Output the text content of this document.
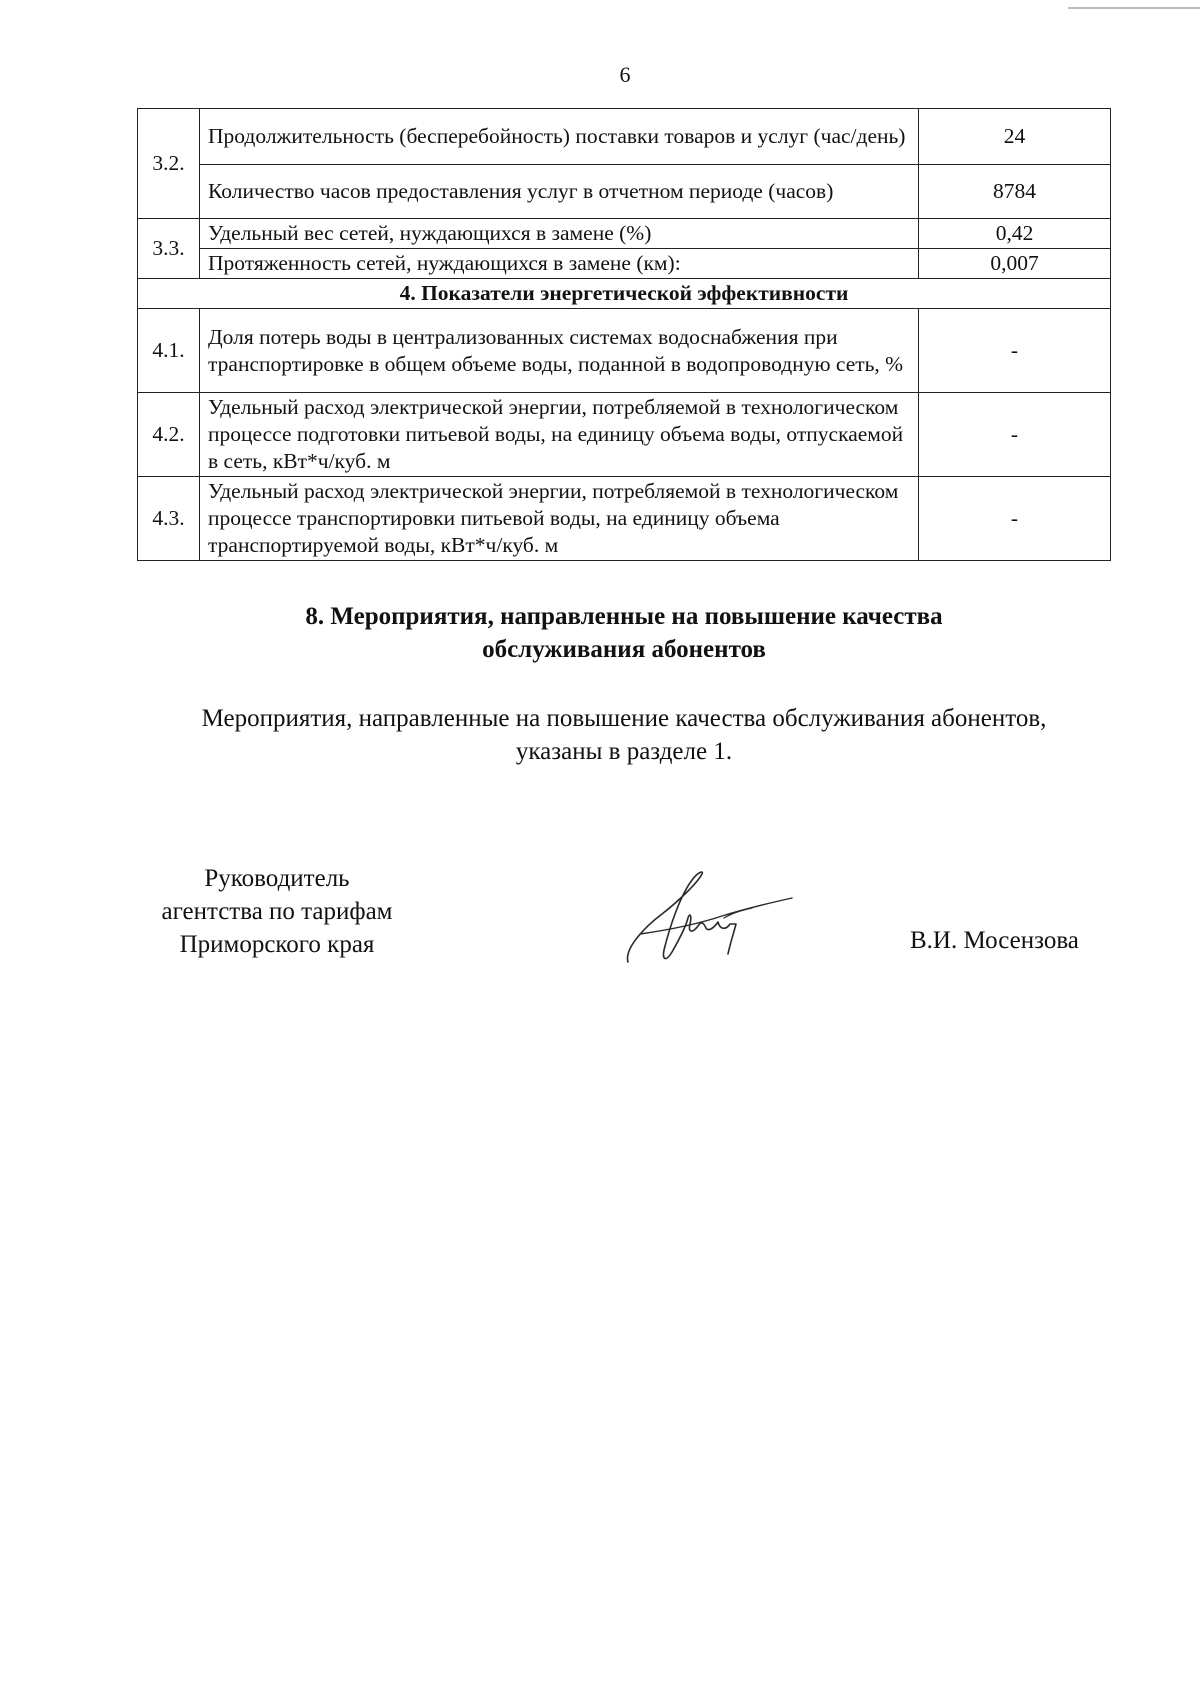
6
3.2.	Продолжительность (бесперебойность) поставки товаров и услуг (час/день)	24
	Количество часов предоставления услуг в отчетном периоде (часов)	8784
3.3.	Удельный вес сетей, нуждающихся в замене (%)	0,42
	Протяженность сетей, нуждающихся в замене (км):	0,007
4. Показатели энергетической эффективности		
4.1.	Доля потерь воды в централизованных системах водоснабжения при транспортировке в общем объеме воды, поданной в водопроводную сеть, %	-
4.2.	Удельный расход электрической энергии, потребляемой в технологическом процессе подготовки питьевой воды, на единицу объема воды, отпускаемой в сеть, кВт*ч/куб. м	-
4.3.	Удельный расход электрической энергии, потребляемой в технологическом процессе транспортировки питьевой воды, на единицу объема транспортируемой воды, кВт*ч/куб. м	-
8. Мероприятия, направленные на повышение качества
обслуживания абонентов
Мероприятия, направленные на повышение качества обслуживания абонентов,
указаны в разделе 1.
Руководитель
агентства по тарифам
Приморского края	В.И. Мосензова
